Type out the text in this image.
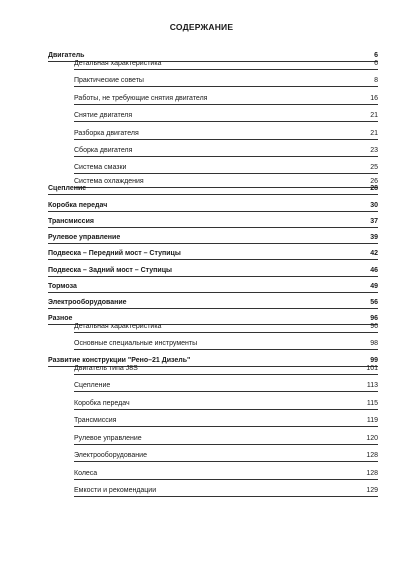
СОДЕРЖАНИЕ
Двигатель	6
Детальная характеристика	6
Практические советы	8
Работы, не требующие снятия двигателя	16
Снятие двигателя	21
Разборка двигателя	21
Сборка двигателя	23
Система смазки	25
Система охлаждения	26
Сцепление	28
Коробка передач	30
Трансмиссия	37
Рулевое управление	39
Подвеска – Передний мост – Ступицы	42
Подвеска – Задний мост – Ступицы	46
Тормоза	49
Электрооборудование	56
Разное	96
Детальная характеристика	96
Основные специальные инструменты	98
Развитие конструкции "Рено–21 Дизель"	99
Двигатель типа J8S	101
Сцепление	113
Коробка передач	115
Трансмиссия	119
Рулевое управление	120
Электрооборудование	128
Колеса	128
Емкости и рекомендации	129
